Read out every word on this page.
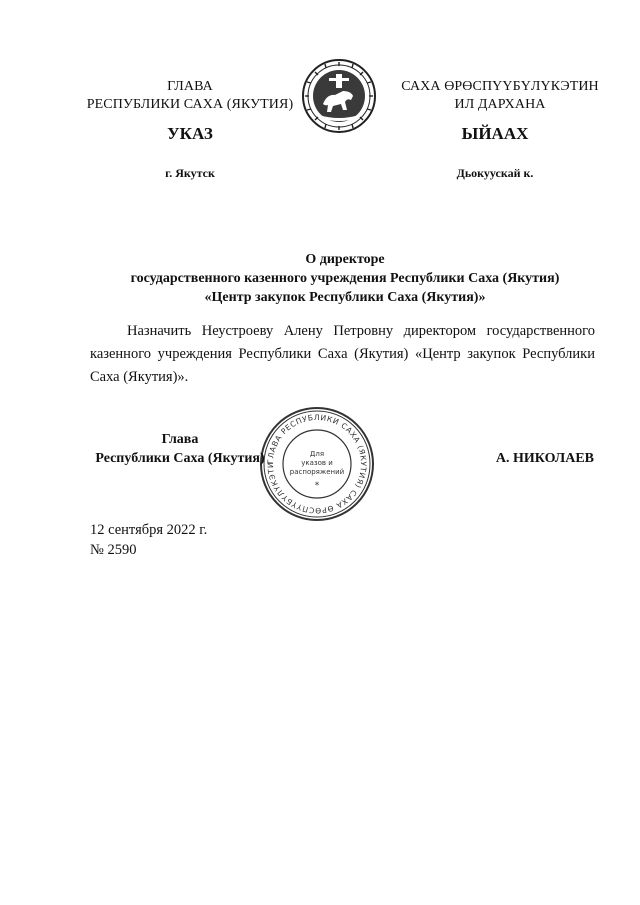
ГЛАВА
РЕСПУБЛИКИ САХА (ЯКУТИЯ)
САХА ӨРӨСПҮҮБҮЛҮКЭТИН
ИЛ ДАРХАНА
УКАЗ	ЫЙААХ
г. Якутск	Дьокуускай к.
О директоре
государственного казенного учреждения Республики Саха (Якутия)
«Центр закупок Республики Саха (Якутия)»
Назначить Неустроеву Алену Петровну директором государственного казенного учреждения Республики Саха (Якутия) «Центр закупок Республики Саха (Якутия)».
ГЛАВА РЕСПУБЛИКИ САХА (ЯКУТИЯ) САХА ӨРӨСПҮҮБҮЛҮКЭТИ
Для
указов и
распоряжений
*
Глава
Республики Саха (Якутия)	А. НИКОЛАЕВ
12 сентября 2022 г.
№ 2590
